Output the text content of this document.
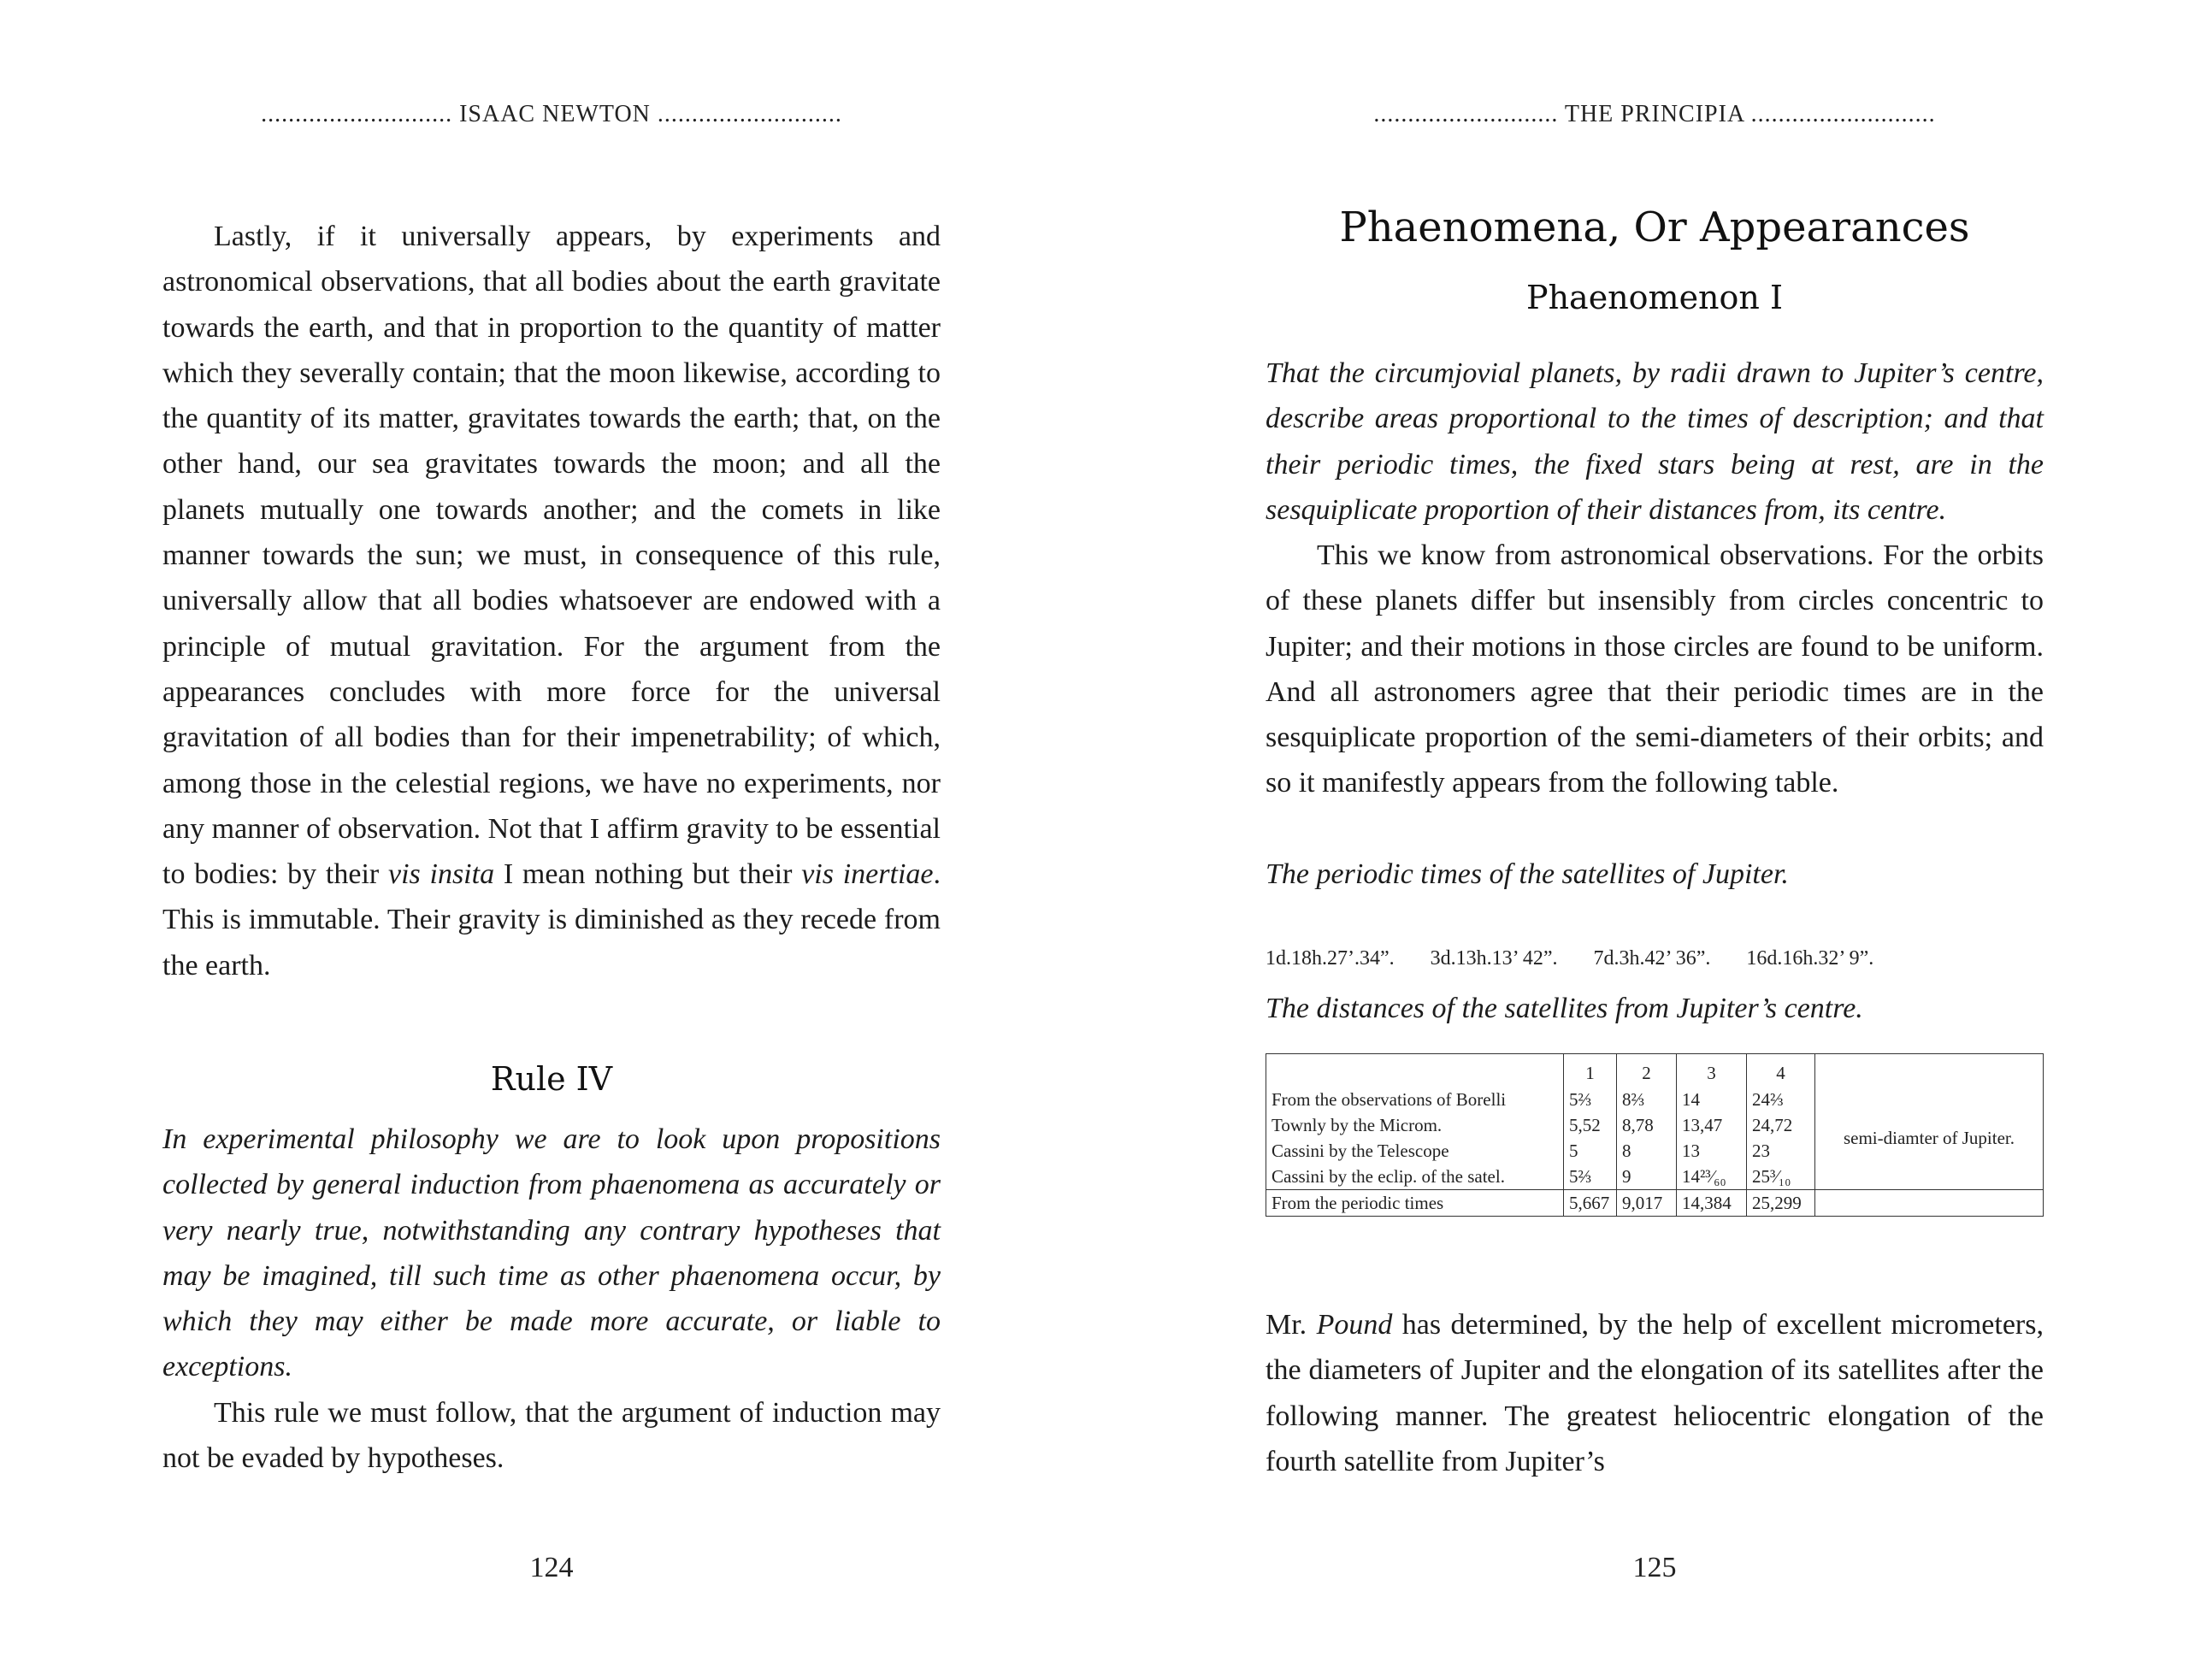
............................ ISAAC NEWTON ...........................

Lastly, if it universally appears, by experiments and astronomical observations, that all bodies about the earth gravitate towards the earth, and that in proportion to the quantity of matter which they severally contain; that the moon likewise, according to the quantity of its matter, gravitates towards the earth; that, on the other hand, our sea gravitates towards the moon; and all the planets mutually one towards another; and the comets in like manner towards the sun; we must, in consequence of this rule, universally allow that all bodies whatsoever are endowed with a principle of mutual gravitation. For the argument from the appearances concludes with more force for the universal gravitation of all bodies than for their impenetrability; of which, among those in the celestial regions, we have no experiments, nor any manner of observation. Not that I affirm gravity to be essential to bodies: by their vis insita I mean nothing but their vis inertiae. This is immutable. Their gravity is diminished as they recede from the earth.

Rule IV
In experimental philosophy we are to look upon propositions collected by general induction from phaenomena as accurately or very nearly true, notwithstanding any contrary hypotheses that may be imagined, till such time as other phaenomena occur, by which they may either be made more accurate, or liable to exceptions.

This rule we must follow, that the argument of induction may not be evaded by hypotheses.

124
........................... THE PRINCIPIA ...........................
Phaenomena, Or Appearances
Phaenomenon I
That the circumjovial planets, by radii drawn to Jupiter’s centre, describe areas proportional to the times of description; and that their periodic times, the fixed stars being at rest, are in the sesquiplicate proportion of their distances from, its centre.

This we know from astronomical observations. For the orbits of these planets differ but insensibly from circles concentric to Jupiter; and their motions in those circles are found to be uniform. And all astronomers agree that their periodic times are in the sesquiplicate proportion of the semi-diameters of their orbits; and so it manifestly appears from the following table.

The periodic times of the satellites of Jupiter.
1d.18h.27’.34”. 3d.13h.13’ 42”. 7d.3h.42’ 36”. 16d.16h.32’ 9”.
The distances of the satellites from Jupiter’s centre.
	1	2	3	4	
From the observations of Borelli	5⅔	8⅔	14	24⅔	semi-diamter of Jupiter.
Townly by the Microm.	5,52	8,78	13,47	24,72	
Cassini by the Telescope	5	8	13	23	
Cassini by the eclip. of the satel.	5⅔	9	14²³⁄₆₀	25³⁄₁₀	
From the periodic times	5,667	9,017	14,384	25,299	

Mr. Pound has determined, by the help of excellent micrometers, the diameters of Jupiter and the elongation of its satellites after the following manner. The greatest heliocentric elongation of the fourth satellite from Jupiter’s

125
